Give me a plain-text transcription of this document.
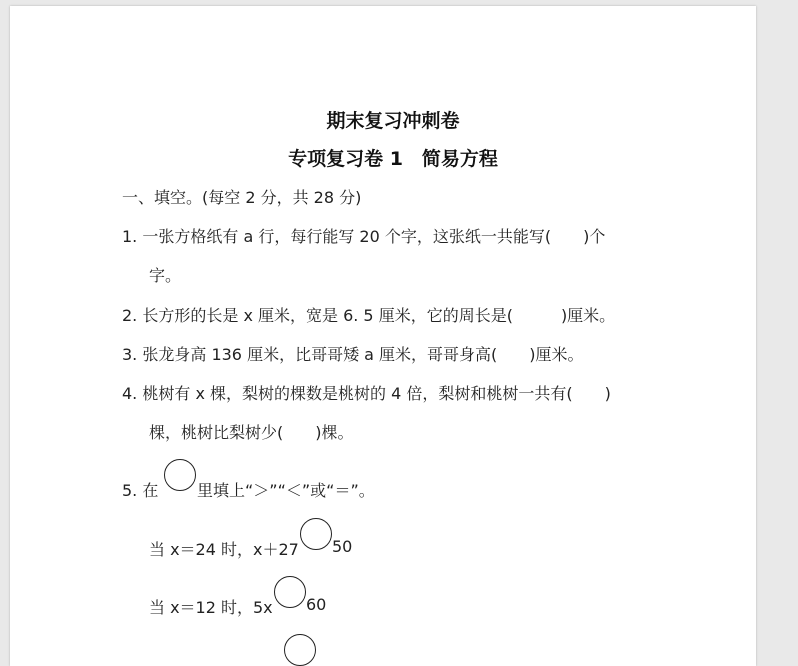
期末复习冲刺卷
专项复习卷 1　简易方程
一、填空。(每空 2 分，共 28 分)
1. 一张方格纸有 a 行，每行能写 20 个字，这张纸一共能写(　　)个
字。
2. 长方形的长是 x 厘米，宽是 6. 5 厘米，它的周长是(　　　)厘米。
3. 张龙身高 136 厘米，比哥哥矮 a 厘米，哥哥身高(　　)厘米。
4. 桃树有 x 棵，梨树的棵数是桃树的 4 倍，梨树和桃树一共有(　　)
棵，桃树比梨树少(　　)棵。
5. 在 里填上“＞”“＜”或“＝”。
当 x＝24 时，x＋27 50
当 x＝12 时，5x 60
